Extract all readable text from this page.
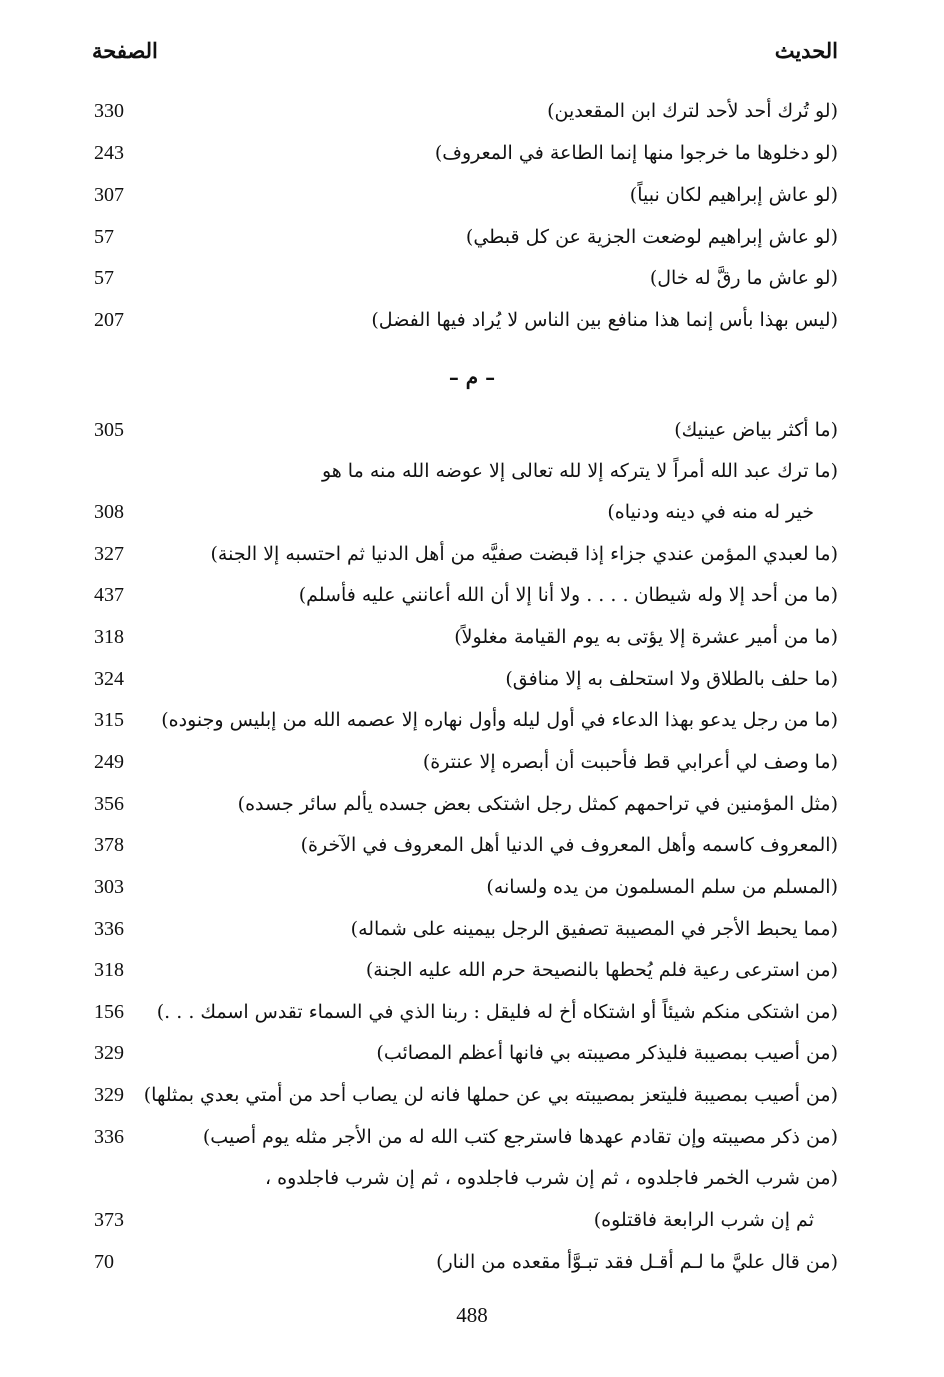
الحديث
الصفحة
(لو تُرك أحد لأحد لترك ابن المقعدين)
330
(لو دخلوها ما خرجوا منها إنما الطاعة في المعروف)
243
(لو عاش إبراهيم لكان نبياً)
307
(لو عاش إبراهيم لوضعت الجزية عن كل قبطي)
57
(لو عاش ما رقَّ له خال)
57
(ليس بهذا بأس إنما هذا منافع بين الناس لا يُراد فيها الفضل)
207
– م –
(ما أكثر بياض عينيك)
305
(ما ترك عبد الله أمراً لا يتركه إلا لله تعالى إلا عوضه الله منه ما هو
خير له منه في دينه ودنياه)
308
(ما لعبدي المؤمن عندي جزاء إذا قبضت صفيَّه من أهل الدنيا ثم احتسبه إلا الجنة)
327
(ما من أحد إلا وله شيطان . . . . ولا أنا إلا أن الله أعانني عليه فأسلم)
437
(ما من أمير عشرة إلا يؤتى به يوم القيامة مغلولاً)
318
(ما حلف بالطلاق ولا استحلف به إلا منافق)
324
(ما من رجل يدعو بهذا الدعاء في أول ليله وأول نهاره إلا عصمه الله من إبليس وجنوده)
315
(ما وصف لي أعرابي قط فأحببت أن أبصره إلا عنترة)
249
(مثل المؤمنين في تراحمهم كمثل رجل اشتكى بعض جسده يألم سائر جسده)
356
(المعروف كاسمه وأهل المعروف في الدنيا أهل المعروف في الآخرة)
378
(المسلم من سلم المسلمون من يده ولسانه)
303
(مما يحبط الأجر في المصيبة تصفيق الرجل بيمينه على شماله)
336
(من استرعى رعية فلم يُحطها بالنصيحة حرم الله عليه الجنة)
318
(من اشتكى منكم شيئاً أو اشتكاه أخ له فليقل : ربنا الذي في السماء تقدس اسمك . . .)
156
(من أصيب بمصيبة فليذكر مصيبته بي فانها أعظم المصائب)
329
(من أصيب بمصيبة فليتعز بمصيبته بي عن حملها فانه لن يصاب أحد من أمتي بعدي بمثلها)
329
(من ذكر مصيبته وإن تقادم عهدها فاسترجع كتب الله له من الأجر مثله يوم أصيب)
336
(من شرب الخمر فاجلدوه ، ثم إن شرب فاجلدوه ، ثم إن شرب فاجلدوه ،
ثم إن شرب الرابعة فاقتلوه)
373
(من قال عليَّ ما لـم أقـل فقد تبـوَّأ مقعده من النار)
70
488
